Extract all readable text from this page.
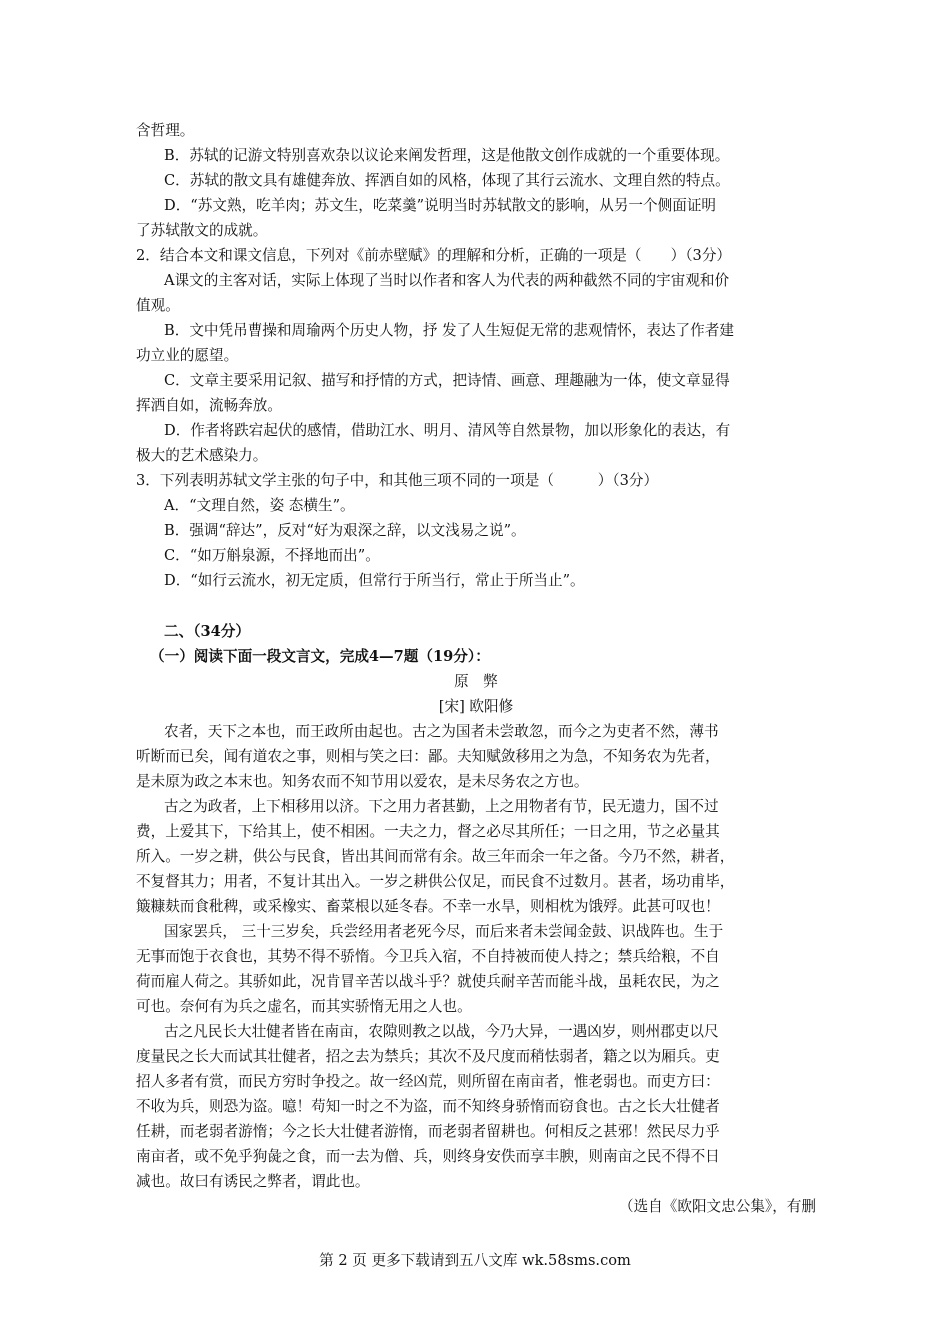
含哲理。
B．苏轼的记游文特别喜欢杂以议论来阐发哲理，这是他散文创作成就的一个重要体现。
C．苏轼的散文具有雄健奔放、挥洒自如的风格，体现了其行云流水、文理自然的特点。
D．“苏文熟，吃羊肉；苏文生，吃菜羹”说明当时苏轼散文的影响，从另一个侧面证明
了苏轼散文的成就。
2．结合本文和课文信息，下列对《前赤壁赋》的理解和分析，正确的一项是（　　）（3分）
A课文的主客对话，实际上体现了当时以作者和客人为代表的两种截然不同的宇宙观和价
值观。
B．文中凭吊曹操和周瑜两个历史人物，抒 发了人生短促无常的悲观情怀，表达了作者建
功立业的愿望。
C．文章主要采用记叙、描写和抒情的方式，把诗情、画意、理趣融为一体，使文章显得
挥洒自如，流畅奔放。
D．作者将跌宕起伏的感情，借助江水、明月、清风等自然景物，加以形象化的表达，有
极大的艺术感染力。
3．下列表明苏轼文学主张的句子中，和其他三项不同的一项是（　　　）（3分）
A．“文理自然，姿 态横生”。
B．强调“辞达”，反对“好为艰深之辞，以文浅易之说”。
C．“如万斛泉源，不择地而出”。
D．“如行云流水，初无定质，但常行于所当行，常止于所当止”。
二、（34分）
（一）阅读下面一段文言文，完成4—7题（19分）：
原　弊
[宋] 欧阳修
农者，天下之本也，而王政所由起也。古之为国者未尝敢忽，而今之为吏者不然，薄书
听断而已矣，闻有道农之事，则相与笑之曰：鄙。夫知赋敛移用之为急，不知务农为先者，
是未原为政之本末也。知务农而不知节用以爱农，是未尽务农之方也。
古之为政者，上下相移用以济。下之用力者甚勤，上之用物者有节，民无遗力，国不过
费，上爱其下，下给其上，使不相困。一夫之力，督之必尽其所任；一日之用，节之必量其
所入。一岁之耕，供公与民食，皆出其间而常有余。故三年而余一年之备。今乃不然，耕者，
不复督其力；用者，不复计其出入。一岁之耕供公仅足，而民食不过数月。甚者，场功甫毕，
簸糠麸而食秕稗，或采橡实、畜菜根以延冬春。不幸一水旱，则相枕为饿殍。此甚可叹也！
国家罢兵， 三十三岁矣，兵尝经用者老死今尽，而后来者未尝闻金鼓、识战阵也。生于
无事而饱于衣食也，其势不得不骄惰。今卫兵入宿，不自持被而使人持之；禁兵给粮，不自
荷而雇人荷之。其骄如此，况肯冒辛苦以战斗乎？就使兵耐辛苦而能斗战，虽耗农民，为之
可也。奈何有为兵之虚名，而其实骄惰无用之人也。
古之凡民长大壮健者皆在南亩，农隙则教之以战，今乃大异，一遇凶岁，则州郡吏以尺
度量民之长大而试其壮健者，招之去为禁兵；其次不及尺度而稍怯弱者，籍之以为厢兵。吏
招人多者有赏，而民方穷时争投之。故一经凶荒，则所留在南亩者，惟老弱也。而吏方曰：
不收为兵，则恐为盗。噫！苟知一时之不为盗，而不知终身骄惰而窃食也。古之长大壮健者
任耕，而老弱者游惰；今之长大壮健者游惰，而老弱者留耕也。何相反之甚邪！然民尽力乎
南亩者，或不免乎狗彘之食，而一去为僧、兵，则终身安佚而享丰腴，则南亩之民不得不日
减也。故曰有诱民之弊者，谓此也。
（选自《欧阳文忠公集》，有删
第 2 页 更多下载请到五八文库 wk.58sms.com
